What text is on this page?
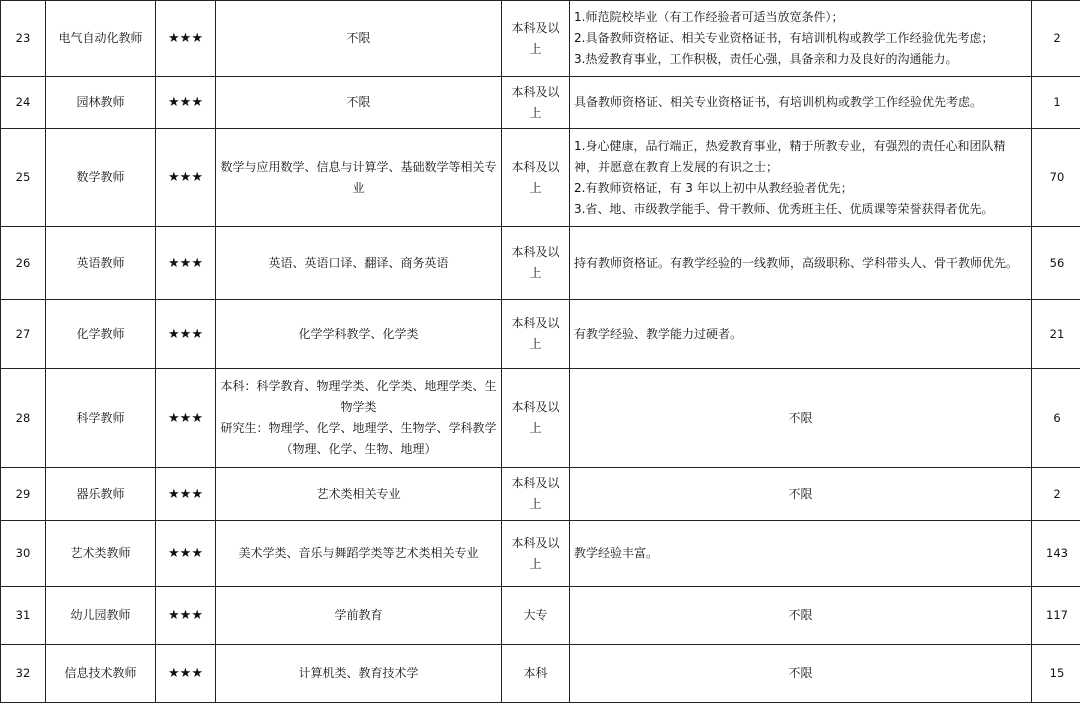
23	电气自动化教师	★★★	不限	本科及以上	1.师范院校毕业（有工作经验者可适当放宽条件）；
2.具备教师资格证、相关专业资格证书，有培训机构或教学工作经验优先考虑；
3.热爱教育事业，工作积极，责任心强，具备亲和力及良好的沟通能力。	2
24	园林教师	★★★	不限	本科及以上	具备教师资格证、相关专业资格证书，有培训机构或教学工作经验优先考虑。	1
25	数学教师	★★★	数学与应用数学、信息与计算学、基础数学等相关专业	本科及以上	1.身心健康，品行端正，热爱教育事业，精于所教专业，有强烈的责任心和团队精神，并愿意在教育上发展的有识之士；
2.有教师资格证，有 3 年以上初中从教经验者优先；
3.省、地、市级教学能手、骨干教师、优秀班主任、优质课等荣誉获得者优先。	70
26	英语教师	★★★	英语、英语口译、翻译、商务英语	本科及以上	持有教师资格证。有教学经验的一线教师，高级职称、学科带头人、骨干教师优先。	56
27	化学教师	★★★	化学学科教学、化学类	本科及以上	有教学经验、教学能力过硬者。	21
28	科学教师	★★★	本科：科学教育、物理学类、化学类、地理学类、生物学类
研究生：物理学、化学、地理学、生物学、学科教学（物理、化学、生物、地理）	本科及以上	不限	6
29	器乐教师	★★★	艺术类相关专业	本科及以上	不限	2
30	艺术类教师	★★★	美术学类、音乐与舞蹈学类等艺术类相关专业	本科及以上	教学经验丰富。	143
31	幼儿园教师	★★★	学前教育	大专	不限	117
32	信息技术教师	★★★	计算机类、教育技术学	本科	不限	15
